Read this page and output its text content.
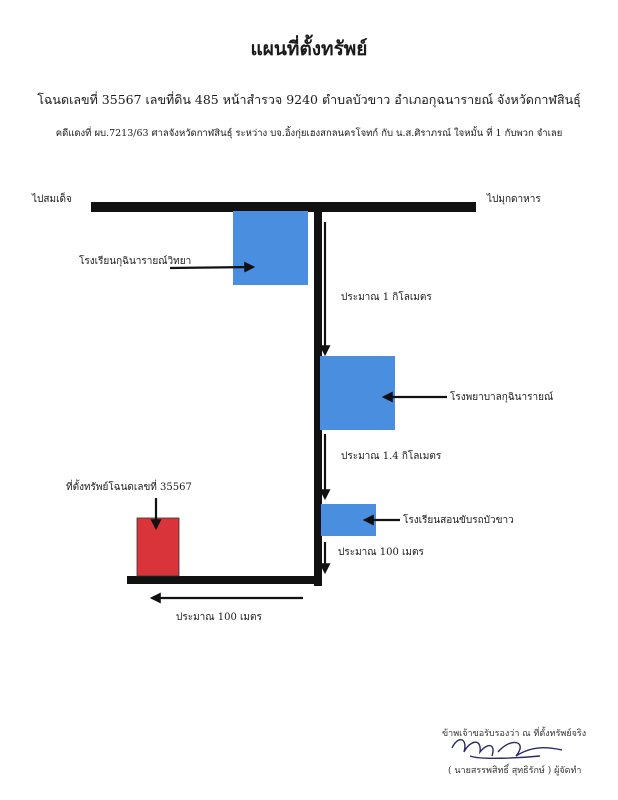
แผนที่ตั้งทรัพย์
โฉนดเลขที่ 35567 เลขที่ดิน 485 หน้าสำรวจ 9240 ตำบลบัวขาว อำเภอกุฉนารายณ์ จังหวัดกาฬสินธุ์
คดีแดงที่ ผบ.7213/63 ศาลจังหวัดกาฬสินธุ์ ระหว่าง บจ.อิ้งกุ่ยเฮงสกลนครโจทก์ กับ น.ส.ศิราภรณ์ ใจหมั้น ที่ 1 กับพวก จำเลย
ไปสมเด็จ	ไปมุกดาหาร
โรงเรียนกุฉินารายณ์วิทยา
โรงพยาบาลกุฉินารายณ์
โรงเรียนสอนขับรถบัวขาว
ประมาณ 1 กิโลเมตร
ประมาณ 1.4 กิโลเมตร
ประมาณ 100 เมตร
ประมาณ 100 เมตร
ที่ตั้งทรัพย์โฉนดเลขที่ 35567
ข้าพเจ้าขอรับรองว่า ณ ที่ตั้งทรัพย์จริง
( นายสรรพสิทธิ์ สุทธิรักษ์ ) ผู้จัดทำ
